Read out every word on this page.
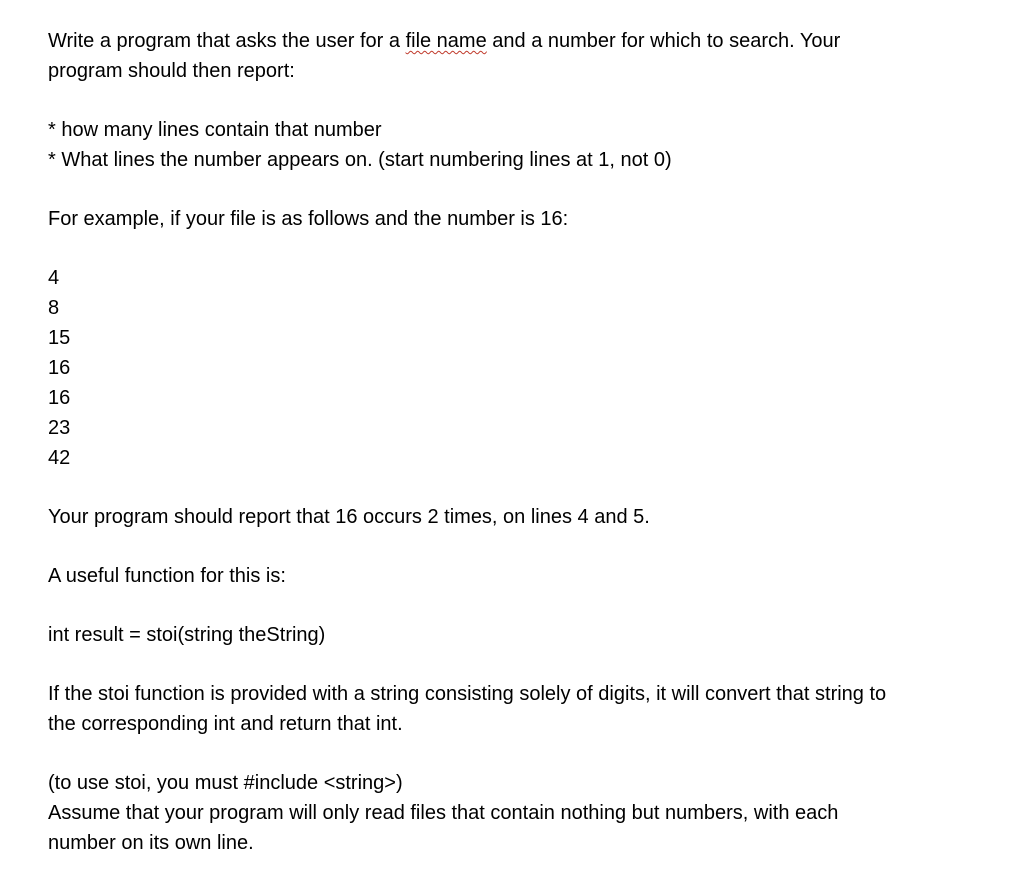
Write a program that asks the user for a file name and a number for which to search. Your
program should then report:
* how many lines contain that number
* What lines the number appears on. (start numbering lines at 1, not 0)
For example, if your file is as follows and the number is 16:
4
8
15
16
16
23
42
Your program should report that 16 occurs 2 times, on lines 4 and 5.
A useful function for this is:
int result = stoi(string theString)
If the stoi function is provided with a string consisting solely of digits, it will convert that string to
the corresponding int and return that int.
(to use stoi, you must #include <string>)
Assume that your program will only read files that contain nothing but numbers, with each
number on its own line.
